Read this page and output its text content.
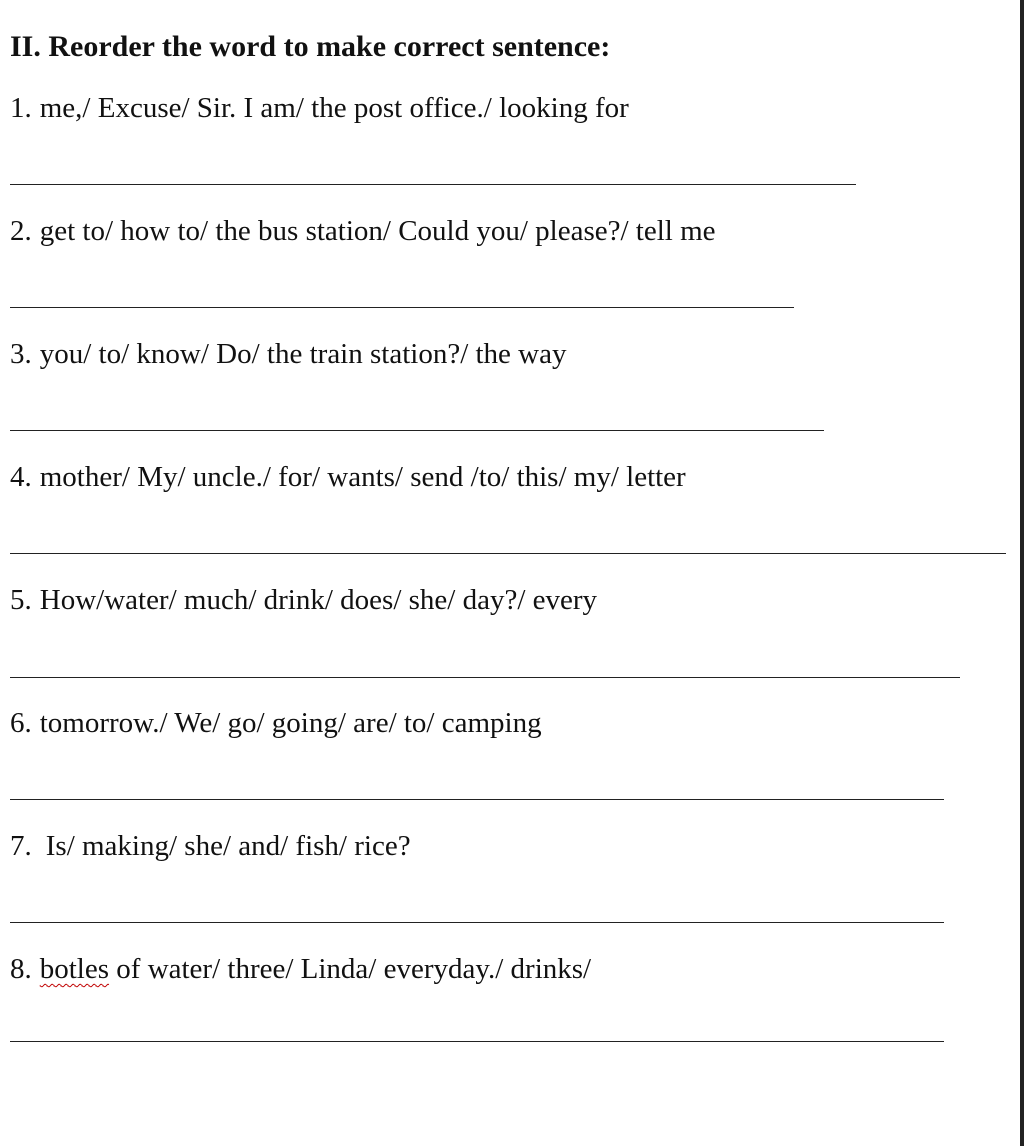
II. Reorder the word to make correct sentence:
1. me,/ Excuse/ Sir. I am/ the post office./ looking for
2. get to/ how to/ the bus station/ Could you/ please?/ tell me
3. you/ to/ know/ Do/ the train station?/ the way
4. mother/ My/ uncle./ for/ wants/ send /to/ this/ my/ letter
5. How/water/ much/ drink/ does/ she/ day?/ every
6. tomorrow./ We/ go/ going/ are/ to/ camping
7. Is/ making/ she/ and/ fish/ rice?
8. botles of water/ three/ Linda/ everyday./ drinks/
